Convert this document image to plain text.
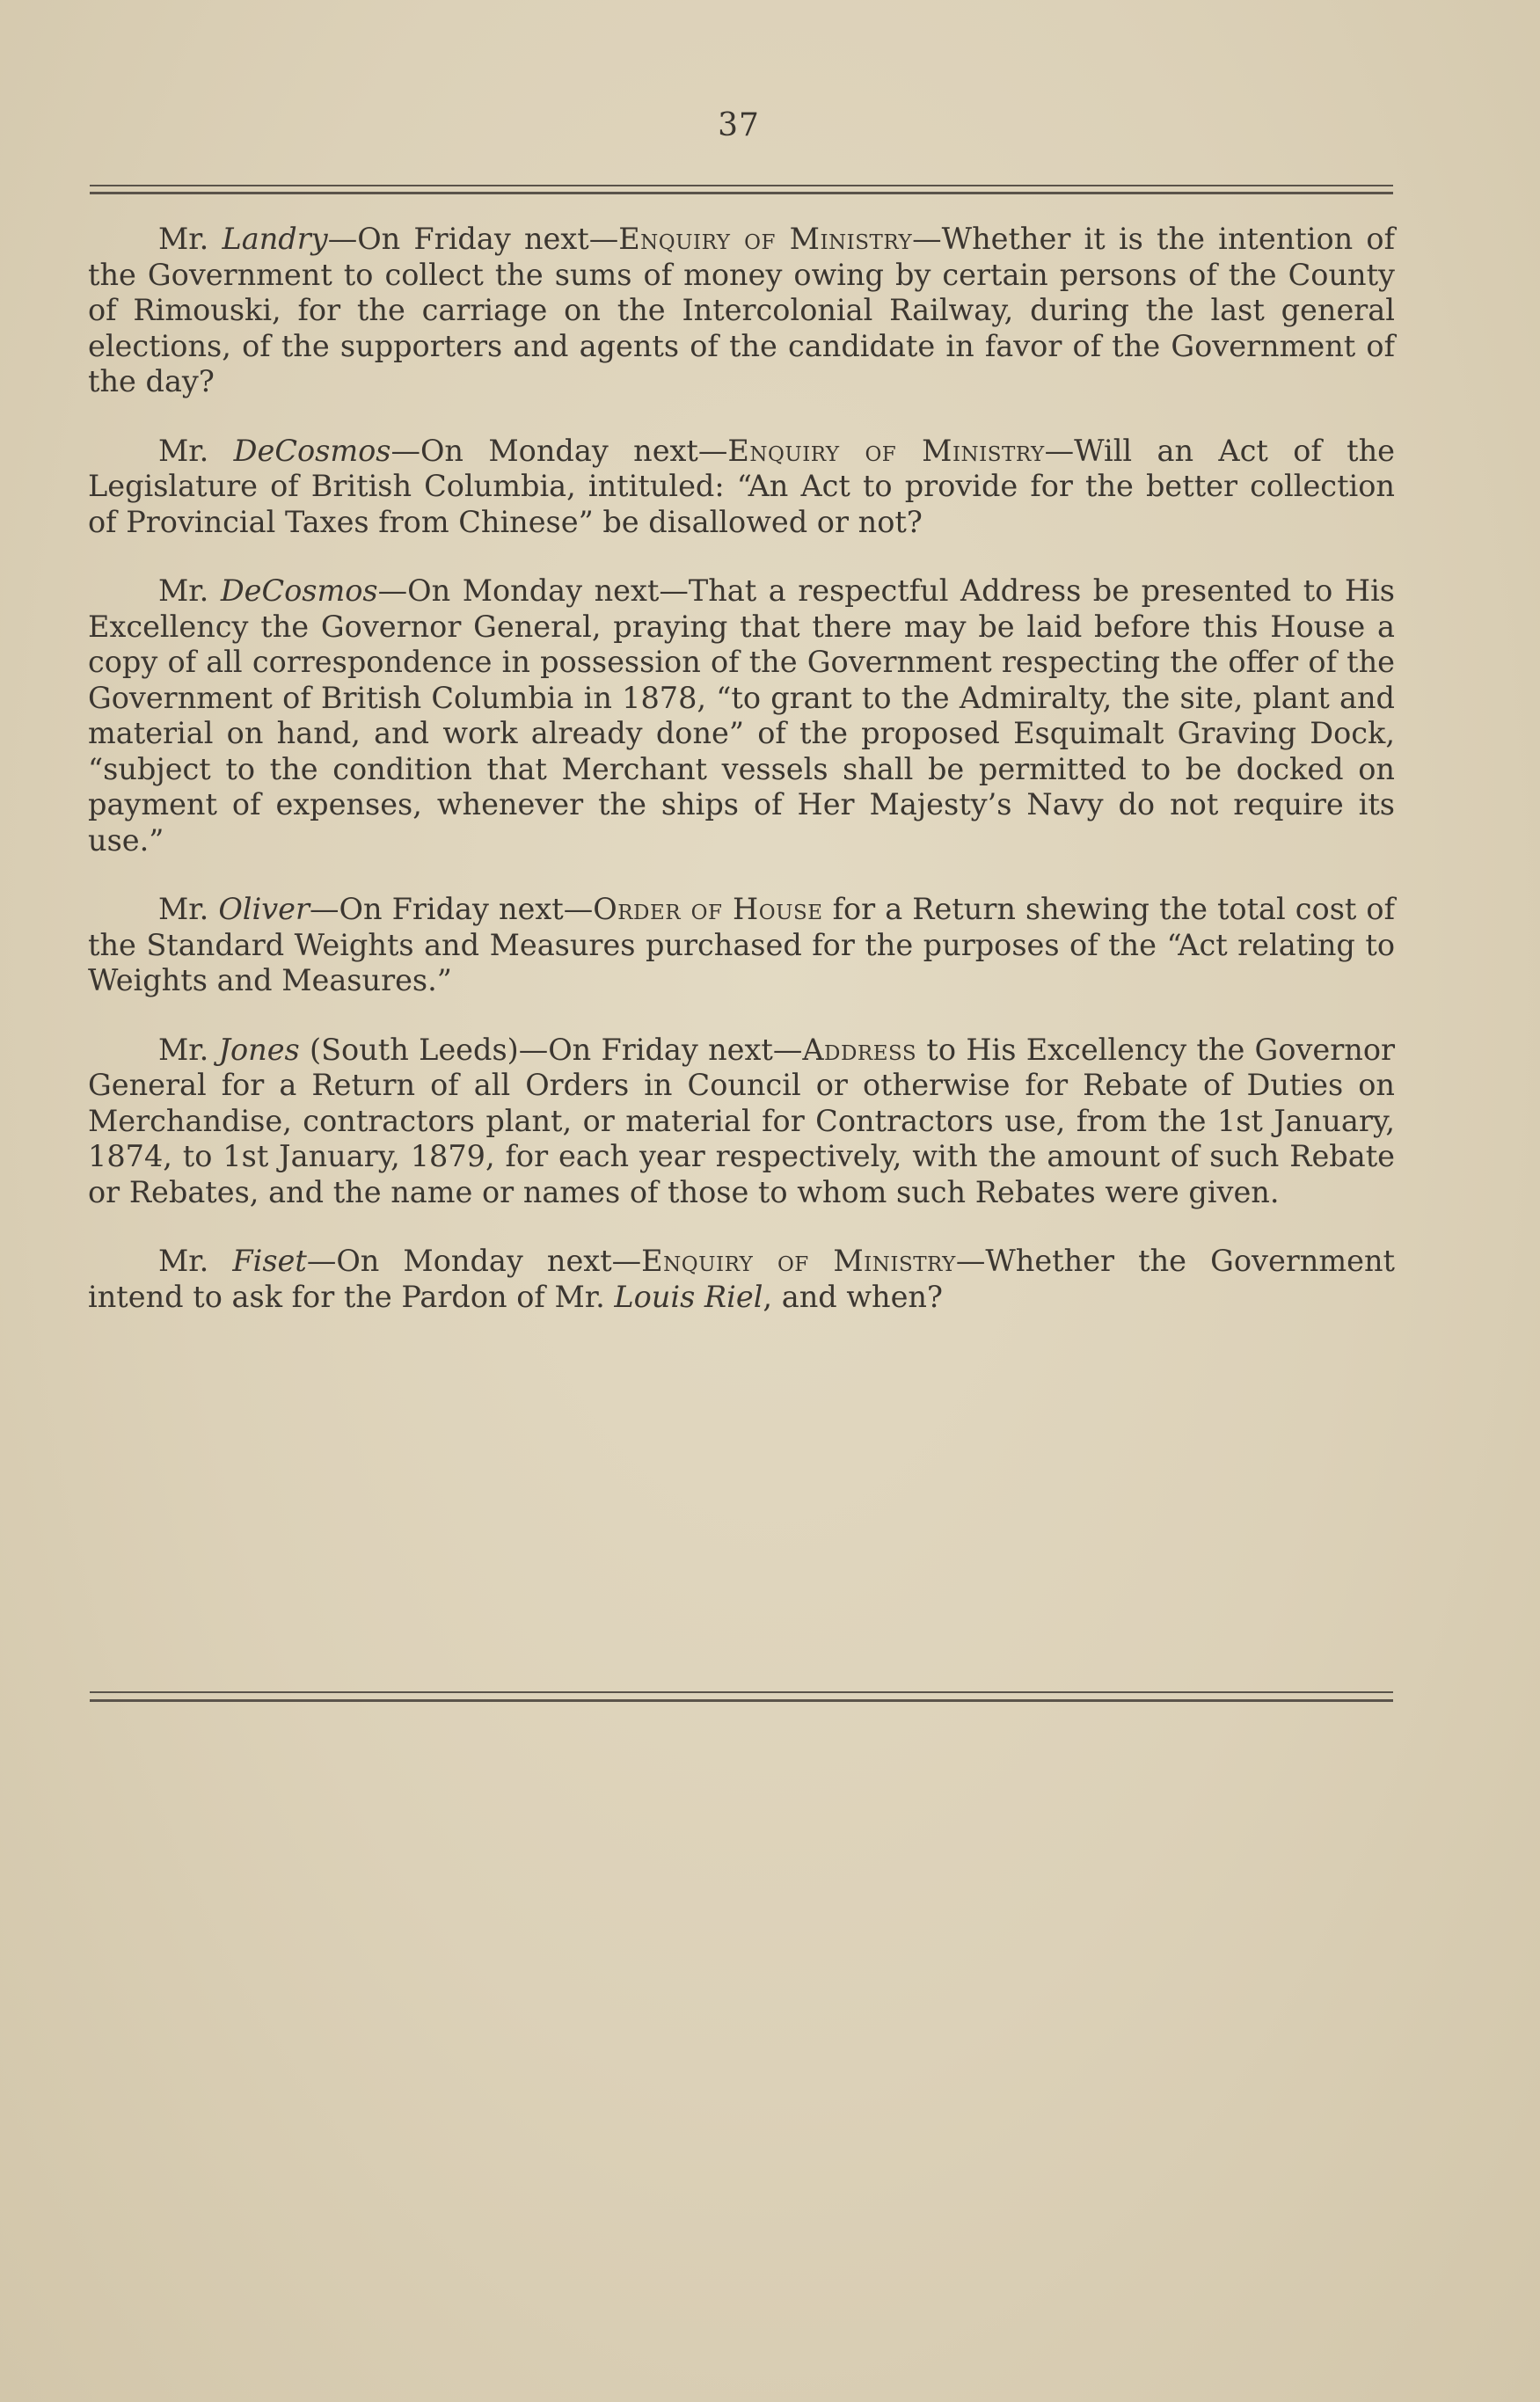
37

Mr. Landry—On Friday next—Enquiry of Ministry—Whether it is the intention of the Government to collect the sums of money owing by certain persons of the County of Rimouski, for the carriage on the Intercolonial Railway, during the last general elections, of the supporters and agents of the candidate in favor of the Government of the day?

Mr. DeCosmos—On Monday next—Enquiry of Ministry—Will an Act of the Legislature of British Columbia, intituled: “An Act to provide for the better collection of Provincial Taxes from Chinese” be disallowed or not?

Mr. DeCosmos—On Monday next—That a respectful Address be presented to His Excellency the Governor General, praying that there may be laid before this House a copy of all correspondence in possession of the Government respecting the offer of the Government of British Columbia in 1878, “to grant to the Admiralty, the site, plant and material on hand, and work already done” of the proposed Esquimalt Graving Dock, “subject to the condition that Merchant vessels shall be permitted to be docked on payment of expenses, whenever the ships of Her Majesty’s Navy do not require its use.”

Mr. Oliver—On Friday next—Order of House for a Return shewing the total cost of the Standard Weights and Measures purchased for the purposes of the “Act relating to Weights and Measures.”

Mr. Jones (South Leeds)—On Friday next—Address to His Excellency the Governor General for a Return of all Orders in Council or otherwise for Rebate of Duties on Merchandise, contractors plant, or material for Contractors use, from the 1st January, 1874, to 1st January, 1879, for each year respectively, with the amount of such Rebate or Rebates, and the name or names of those to whom such Rebates were given.

Mr. Fiset—On Monday next—Enquiry of Ministry—Whether the Government intend to ask for the Pardon of Mr. Louis Riel, and when?
